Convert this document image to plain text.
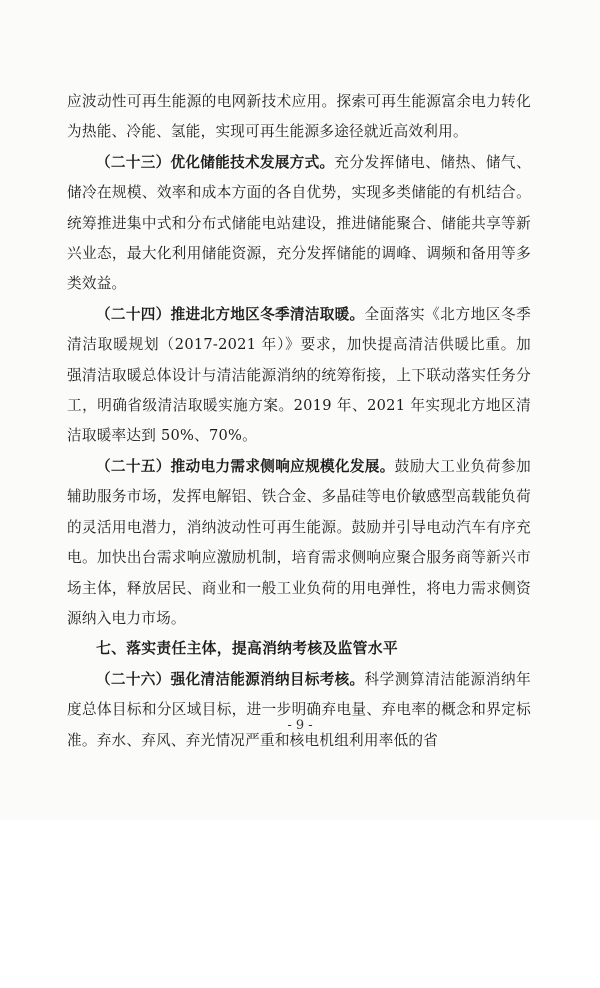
应波动性可再生能源的电网新技术应用。探索可再生能源富余电力转化为热能、冷能、氢能，实现可再生能源多途径就近高效利用。

（二十三）优化储能技术发展方式。充分发挥储电、储热、储气、储冷在规模、效率和成本方面的各自优势，实现多类储能的有机结合。统筹推进集中式和分布式储能电站建设，推进储能聚合、储能共享等新兴业态，最大化利用储能资源，充分发挥储能的调峰、调频和备用等多类效益。

（二十四）推进北方地区冬季清洁取暖。全面落实《北方地区冬季清洁取暖规划（2017-2021 年）》要求，加快提高清洁供暖比重。加强清洁取暖总体设计与清洁能源消纳的统筹衔接，上下联动落实任务分工，明确省级清洁取暖实施方案。2019 年、2021 年实现北方地区清洁取暖率达到 50%、70%。

（二十五）推动电力需求侧响应规模化发展。鼓励大工业负荷参加辅助服务市场，发挥电解铝、铁合金、多晶硅等电价敏感型高载能负荷的灵活用电潜力，消纳波动性可再生能源。鼓励并引导电动汽车有序充电。加快出台需求响应激励机制，培育需求侧响应聚合服务商等新兴市场主体，释放居民、商业和一般工业负荷的用电弹性，将电力需求侧资源纳入电力市场。

七、落实责任主体，提高消纳考核及监管水平

（二十六）强化清洁能源消纳目标考核。科学测算清洁能源消纳年度总体目标和分区域目标，进一步明确弃电量、弃电率的概念和界定标准。弃水、弃风、弃光情况严重和核电机组利用率低的省

- 9 -
